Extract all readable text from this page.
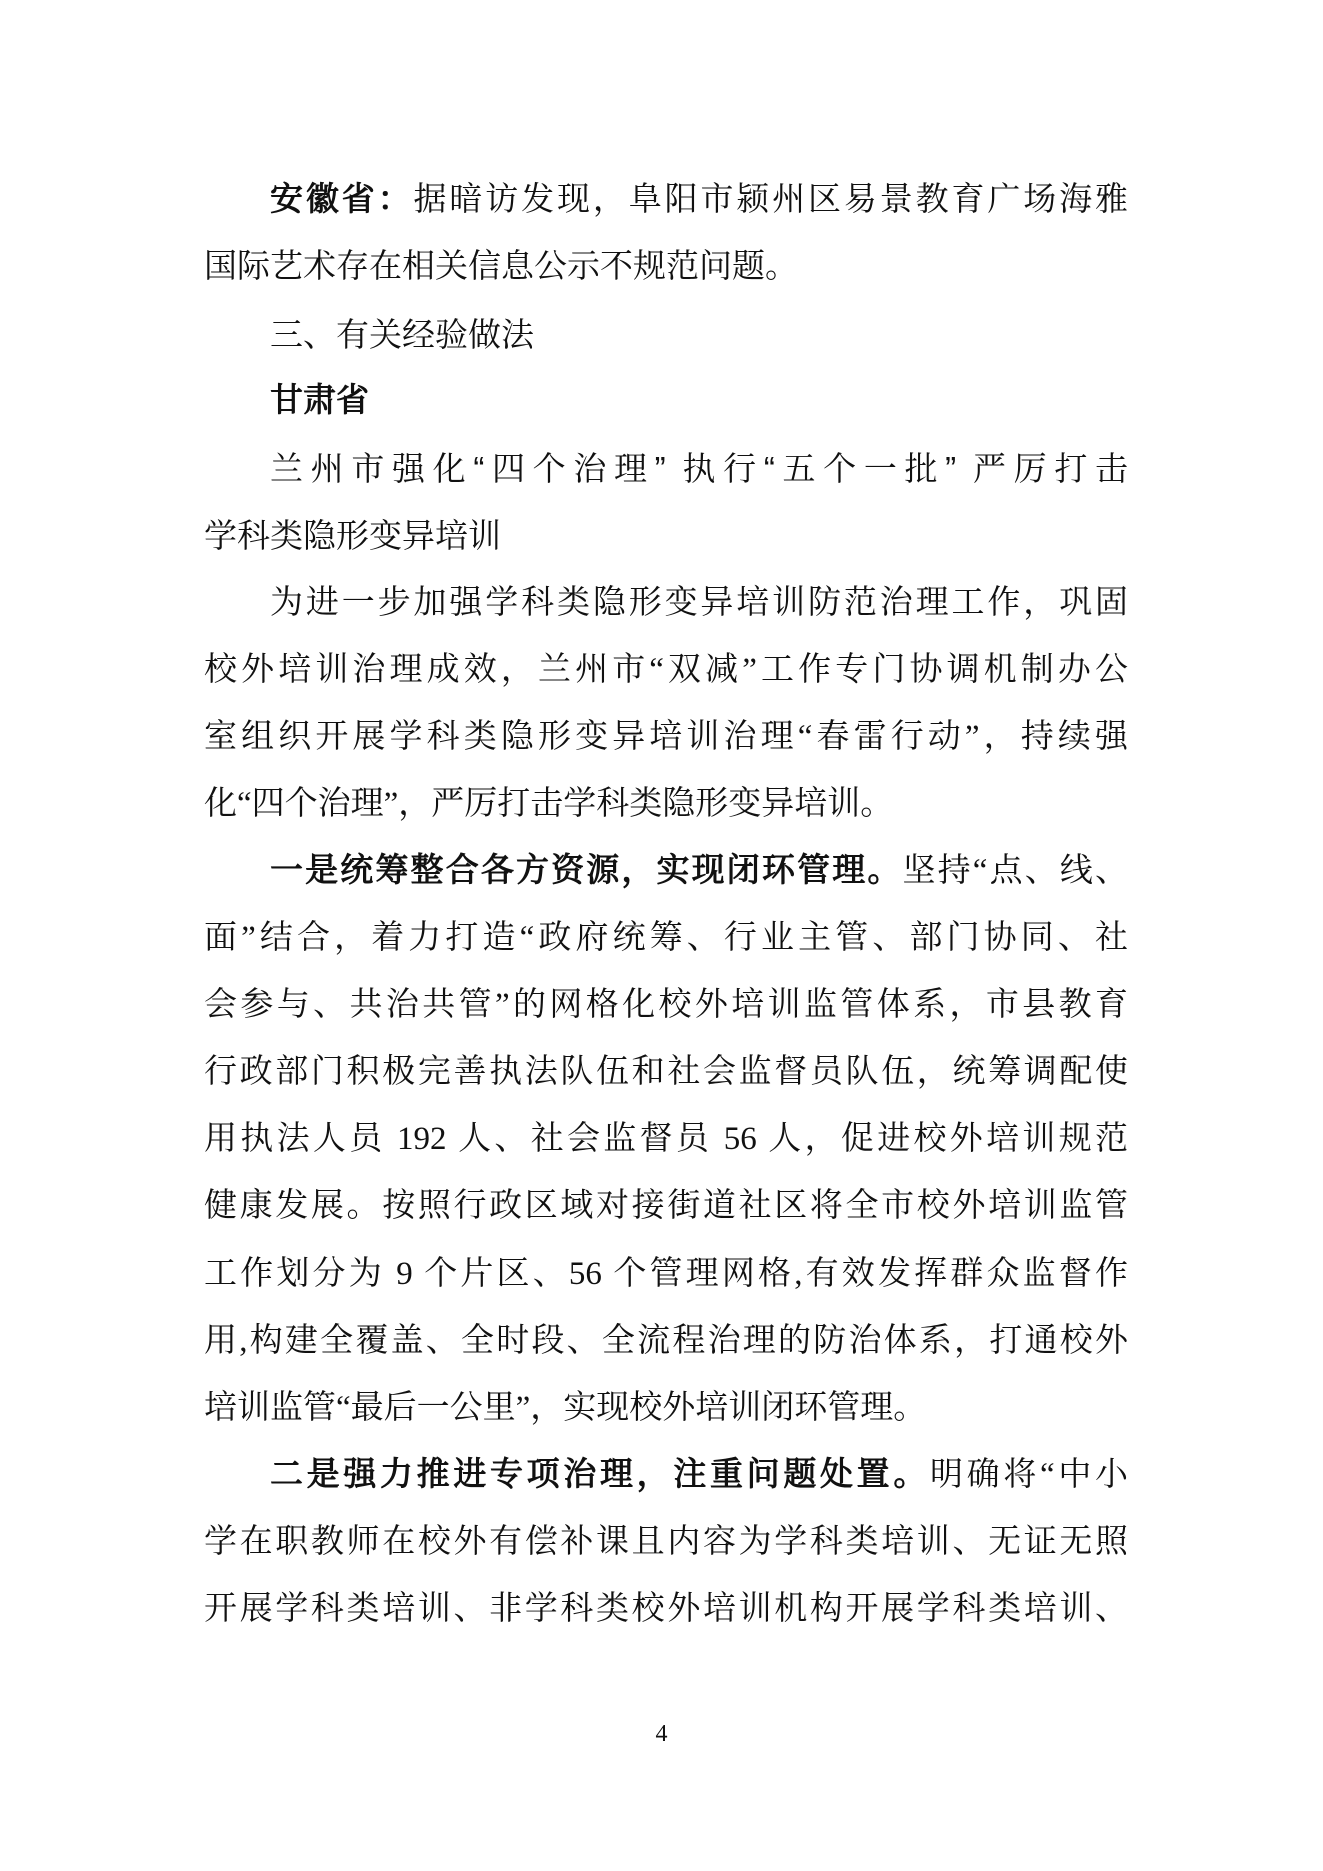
安徽省：据暗访发现，阜阳市颍州区易景教育广场海雅
国际艺术存在相关信息公示不规范问题。
三、有关经验做法
甘肃省
兰州市强化“四个治理” 执行“五个一批” 严厉打击
学科类隐形变异培训
为进一步加强学科类隐形变异培训防范治理工作，巩固
校外培训治理成效，兰州市“双减”工作专门协调机制办公
室组织开展学科类隐形变异培训治理“春雷行动”，持续强
化“四个治理”，严厉打击学科类隐形变异培训。
一是统筹整合各方资源，实现闭环管理。坚持“点、线、
面”结合，着力打造“政府统筹、行业主管、部门协同、社
会参与、共治共管”的网格化校外培训监管体系，市县教育
行政部门积极完善执法队伍和社会监督员队伍，统筹调配使
用执法人员 192 人、社会监督员 56 人，促进校外培训规范
健康发展。按照行政区域对接街道社区将全市校外培训监管
工作划分为 9 个片区、56 个管理网格,有效发挥群众监督作
用,构建全覆盖、全时段、全流程治理的防治体系，打通校外
培训监管“最后一公里”，实现校外培训闭环管理。
二是强力推进专项治理，注重问题处置。明确将“中小
学在职教师在校外有偿补课且内容为学科类培训、无证无照
开展学科类培训、非学科类校外培训机构开展学科类培训、
4
